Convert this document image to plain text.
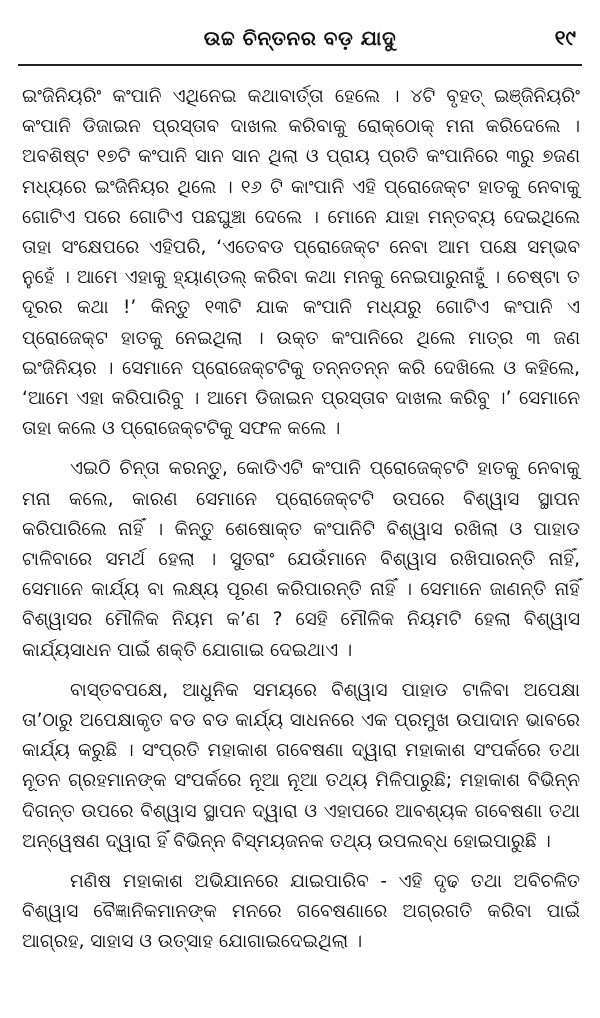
ଉଚ୍ଚ ଚିନ୍ତନର ବଡ଼ ଯାଦୁ	୧୯

ଇଂଜିନିୟରିଂ କଂପାନି ଏଥିନେଇ କଥାବାର୍ତ୍ତା ହେଲେ । ୪ଟି ବୃହତ୍ ଇଞ୍ଜିନିୟରିଂ କଂପାନି ଡିଜାଇନ ପ୍ରସ୍ତାବ ଦାଖଲ କରିବାକୁ ରୋକ୍‌ଠୋକ୍ ମନା କରିଦେଲେ । ଅବଶିଷ୍ଟ ୧୭ଟି କଂପାନି ସାନ ସାନ ଥିଲା ଓ ପ୍ରାୟ ପ୍ରତି କଂପାନିରେ ୩ରୁ ୭ଜଣ ମଧ୍ୟରେ ଇଂଜିନିୟର ଥିଲେ । ୧୬ ଟି କାଂପାନି ଏହି ପ୍ରୋଜେକ୍ଟ ହାତକୁ ନେବାକୁ ଗୋଟିଏ ପରେ ଗୋଟିଏ ପଛଘୁଞ୍ଚା ଦେଲେ । ମୋନେ ଯାହା ମନ୍ତବ୍ୟ ଦେଇଥିଲେ ତାହା ସଂକ୍ଷେପରେ ଏହିପରି, ‘ଏତେବଡ ପ୍ରୋଜେକ୍ଟ ନେବା ଆମ ପକ୍ଷେ ସମ୍ଭବ ନୁହେଁ । ଆମେ ଏହାକୁ ହ୍ୟାଣ୍ଡଲ୍ କରିବା କଥା ମନକୁ ନେଇପାରୁନାହୁଁ । ଚେଷ୍ଟା ତ ଦୂରର କଥା !’ କିନ୍ତୁ ୧୩ଟି ଯାକ କଂପାନି ମଧ୍ଯରୁ ଗୋଟିଏ କଂପାନି ଏ ପ୍ରୋଜେକ୍ଟ ହାତକୁ ନେଇଥିଲା । ଉକ୍ତ କଂପାନିରେ ଥିଲେ ମାତ୍ର ୩ ଜଣ ଇଂଜିନିୟର । ସେମାନେ ପ୍ରୋଜେକ୍ଟଟିକୁ ତନ୍ନତନ୍ନ କରି ଦେଖିଲେ ଓ କହିଲେ, ‘ଆମେ ଏହା କରିପାରିବୁ । ଆମେ ଡିଜାଇନ ପ୍ରସ୍ତାବ ଦାଖଲ କରିବୁ ।’ ସେମାନେ ତାହା କଲେ ଓ ପ୍ରୋଜେକ୍ଟଟିକୁ ସଫଳ କଲେ ।

ଏଇଠି ଚିନ୍ତା କରନ୍ତୁ, କୋଡିଏଟି କଂପାନି ପ୍ରୋଜେକ୍ଟଟି ହାତକୁ ନେବାକୁ ମନା କଲେ, କାରଣ ସେମାନେ ପ୍ରୋଜେକ୍ଟଟି ଉପରେ ବିଶ୍ୱାସ ସ୍ଥାପନ କରିପାରିଲେ ନାହିଁ । କିନ୍ତୁ ଶେଷୋକ୍ତ କଂପାନିଟି ବିଶ୍ୱାସ ରଖିଲା ଓ ପାହାଡ ଟାଳିବାରେ ସମର୍ଥ ହେଲା । ସୁତରାଂ ଯେଉଁମାନେ ବିଶ୍ୱାସ ରଖିପାରନ୍ତି ନାହିଁ, ସେମାନେ କାର୍ଯ୍ୟ ବା ଲକ୍ଷ୍ୟ ପୂରଣ କରିପାରନ୍ତି ନାହିଁ । ସେମାନେ ଜାଣନ୍ତି ନାହିଁ ବିଶ୍ୱାସର ମୌଳିକ ନିୟମ କ’ଣ ? ସେହି ମୌଳିକ ନିୟମଟି ହେଲା ବିଶ୍ୱାସ କାର୍ଯ୍ୟସାଧନ ପାଇଁ ଶକ୍ତି ଯୋଗାଇ ଦେଇଥାଏ ।

ବାସ୍ତବପକ୍ଷେ, ଆଧୁନିକ ସମୟରେ ବିଶ୍ୱାସ ପାହାଡ ଟାଳିବା ଅପେକ୍ଷା ତା’ଠାରୁ ଅପେକ୍ଷାକୃତ ବଡ ବଡ କାର୍ଯ୍ୟ ସାଧନରେ ଏକ ପ୍ରମୁଖ ଉପାଦାନ ଭାବରେ କାର୍ଯ୍ୟ କରୁଛି । ସଂପ୍ରତି ମହାକାଶ ଗବେଷଣା ଦ୍ୱାରା ମହାକାଶ ସଂପର୍କରେ ତଥା ନୂତନ ଗ୍ରହମାନଙ୍କ ସଂପର୍କରେ ନୂଆ ନୂଆ ତଥ୍ୟ ମିଳିପାରୁଛି; ମହାକାଶ ବିଭିନ୍ନ ଦିଗନ୍ତ ଉପରେ ବିଶ୍ୱାସ ସ୍ଥାପନ ଦ୍ୱାରା ଓ ଏହାପରେ ଆବଶ୍ୟକ ଗବେଷଣା ତଥା ଅନ୍ୱେଷଣ ଦ୍ୱାରା ହିଁ ବିଭିନ୍ନ ବିସ୍ମୟଜନକ ତଥ୍ୟ ଉପଲବ୍ଧ ହୋଇପାରୁଛି ।

ମଣିଷ ମହାକାଶ ଅଭିଯାନରେ ଯାଇପାରିବ - ଏହି ଦୃଢ ତଥା ଅବିଚଳିତ ବିଶ୍ୱାସ ବୈଜ୍ଞାନିକମାନଙ୍କ ମନରେ ଗବେଷଣାରେ ଅଗ୍ରଗତି କରିବା ପାଇଁ ଆଗ୍ରହ, ସାହାସ ଓ ଉତ୍ସାହ ଯୋଗାଇଦେଇଥିଲା ।
